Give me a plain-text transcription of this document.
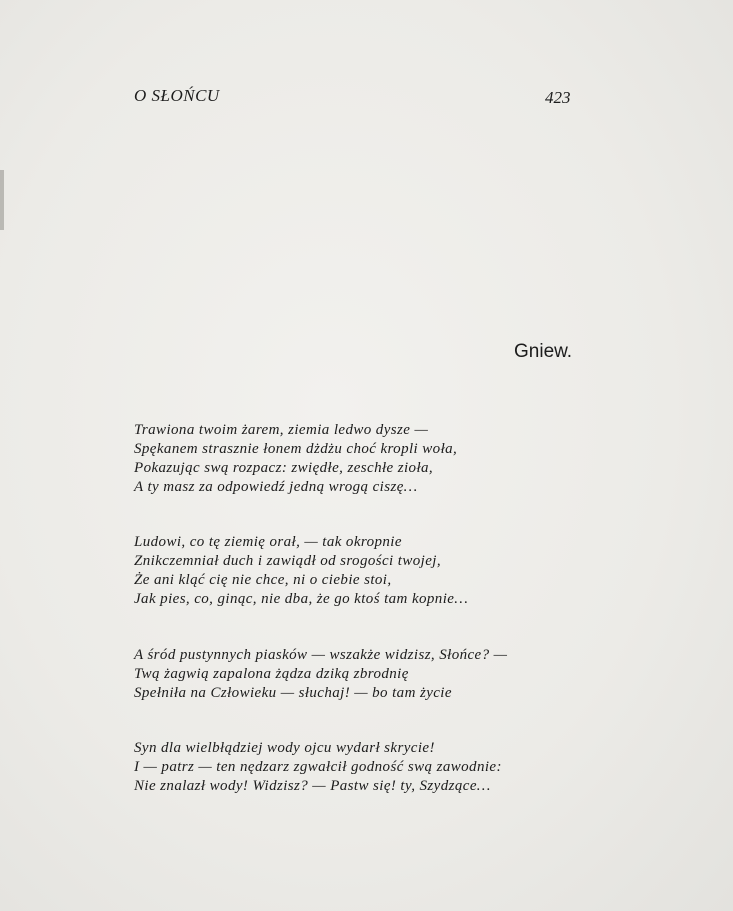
O SŁOŃCU	423
Gniew.
Trawiona twoim żarem, ziemia ledwo dysze —
Spękanem strasznie łonem dżdżu choć kropli woła,
Pokazując swą rozpacz: zwiędłe, zeschłe zioła,
A ty masz za odpowiedź jedną wrogą ciszę…
Ludowi, co tę ziemię orał, — tak okropnie
Znikczemniał duch i zawiądł od srogości twojej,
Że ani kląć cię nie chce, ni o ciebie stoi,
Jak pies, co, ginąc, nie dba, że go ktoś tam kopnie…
A śród pustynnych piasków — wszakże widzisz, Słońce? —
Twą żagwią zapalona żądza dziką zbrodnię
Spełniła na Człowieku — słuchaj! — bo tam życie
Syn dla wielbłądziej wody ojcu wydarł skrycie!
I — patrz — ten nędzarz zgwałcił godność swą zawodnie:
Nie znalazł wody! Widzisz? — Pastw się! ty, Szydzące…
